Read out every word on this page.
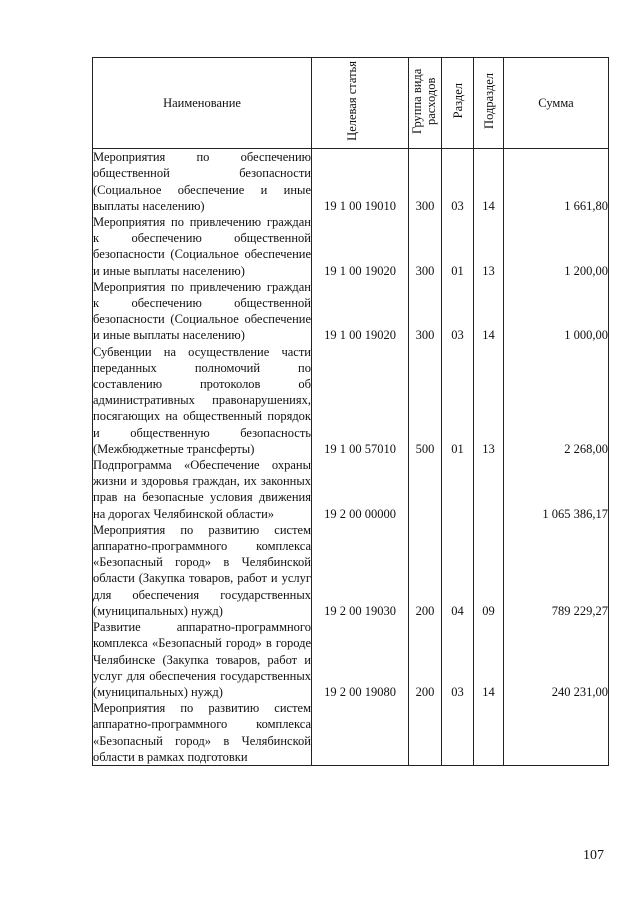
Наименование	Целевая статья	Группа вида расходов	Раздел	Подраздел	Сумма
Мероприятия по обеспечению общественной безопасности (Социальное обеспечение и иные выплаты населению)	19 1 00 19010	300	03	14	1 661,80
Мероприятия по привлечению граждан к обеспечению общественной безопасности (Социальное обеспечение и иные выплаты населению)	19 1 00 19020	300	01	13	1 200,00
Мероприятия по привлечению граждан к обеспечению общественной безопасности (Социальное обеспечение и иные выплаты населению)	19 1 00 19020	300	03	14	1 000,00
Субвенции на осуществление части переданных полномочий по составлению протоколов об административных правонарушениях, посягающих на общественный порядок и общественную безопасность (Межбюджетные трансферты)	19 1 00 57010	500	01	13	2 268,00
Подпрограмма «Обеспечение охраны жизни и здоровья граждан, их законных прав на безопасные условия движения на дорогах Челябинской области»	19 2 00 00000				1 065 386,17
Мероприятия по развитию систем аппаратно-программного комплекса «Безопасный город» в Челябинской области (Закупка товаров, работ и услуг для обеспечения государственных (муниципальных) нужд)	19 2 00 19030	200	04	09	789 229,27
Развитие аппаратно-программного комплекса «Безопасный город» в городе Челябинске (Закупка товаров, работ и услуг для обеспечения государственных (муниципальных) нужд)	19 2 00 19080	200	03	14	240 231,00
Мероприятия по развитию систем аппаратно-программного комплекса «Безопасный город» в Челябинской области в рамках подготовки					
107
